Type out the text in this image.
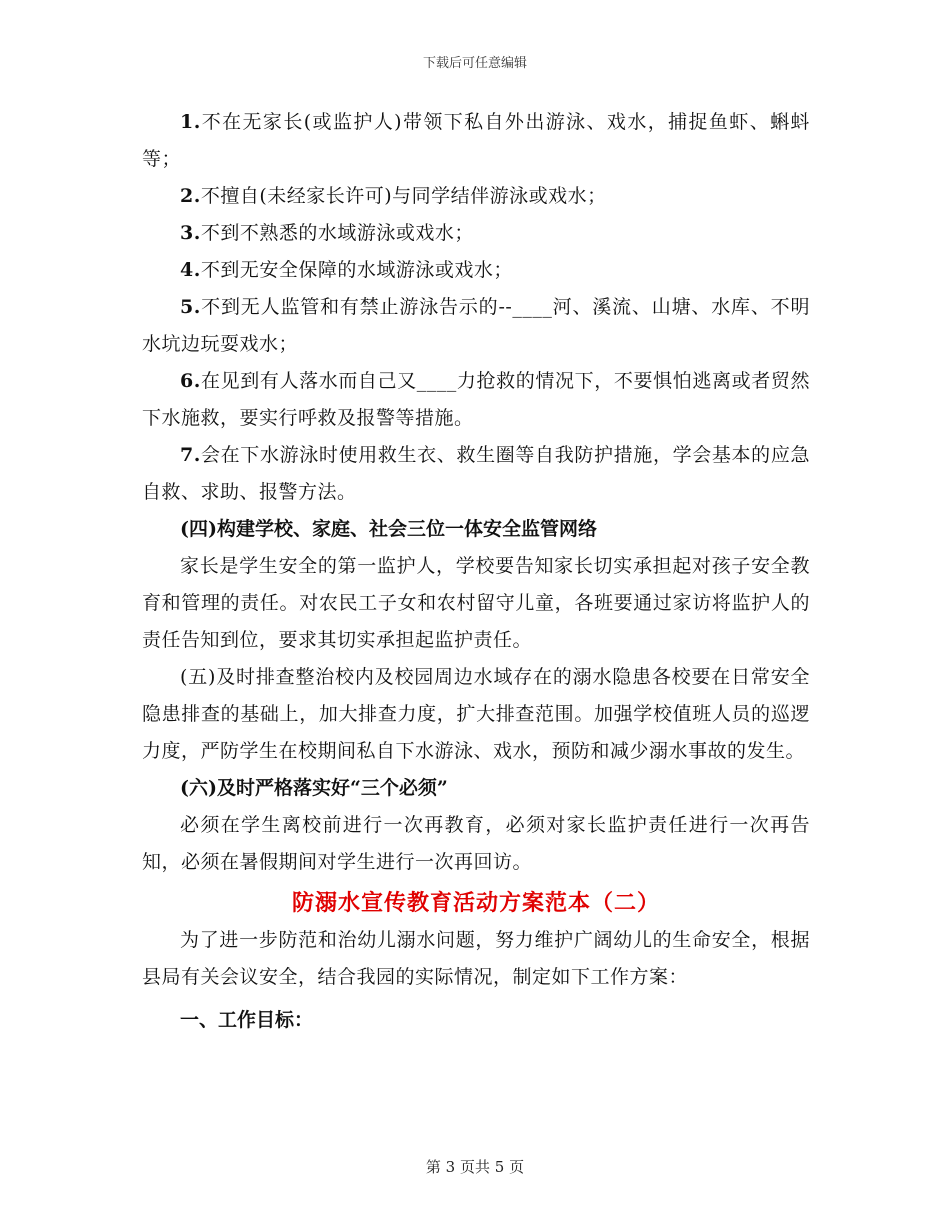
下载后可任意编辑

1.不在无家长(或监护人)带领下私自外出游泳、戏水，捕捉鱼虾、蝌蚪等；

2.不擅自(未经家长许可)与同学结伴游泳或戏水；

3.不到不熟悉的水域游泳或戏水；

4.不到无安全保障的水域游泳或戏水；

5.不到无人监管和有禁止游泳告示的--____河、溪流、山塘、水库、不明水坑边玩耍戏水；

6.在见到有人落水而自己又____力抢救的情况下，不要惧怕逃离或者贸然下水施救，要实行呼救及报警等措施。

7.会在下水游泳时使用救生衣、救生圈等自我防护措施，学会基本的应急自救、求助、报警方法。

(四)构建学校、家庭、社会三位一体安全监管网络

家长是学生安全的第一监护人，学校要告知家长切实承担起对孩子安全教育和管理的责任。对农民工子女和农村留守儿童，各班要通过家访将监护人的责任告知到位，要求其切实承担起监护责任。

(五)及时排查整治校内及校园周边水域存在的溺水隐患各校要在日常安全隐患排查的基础上，加大排查力度，扩大排查范围。加强学校值班人员的巡逻力度，严防学生在校期间私自下水游泳、戏水，预防和减少溺水事故的发生。

(六)及时严格落实好“三个必须”

必须在学生离校前进行一次再教育，必须对家长监护责任进行一次再告知，必须在暑假期间对学生进行一次再回访。

防溺水宣传教育活动方案范本（二）

为了进一步防范和治幼儿溺水问题，努力维护广阔幼儿的生命安全，根据县局有关会议安全，结合我园的实际情况，制定如下工作方案：

一、工作目标：

第 3 页共 5 页
